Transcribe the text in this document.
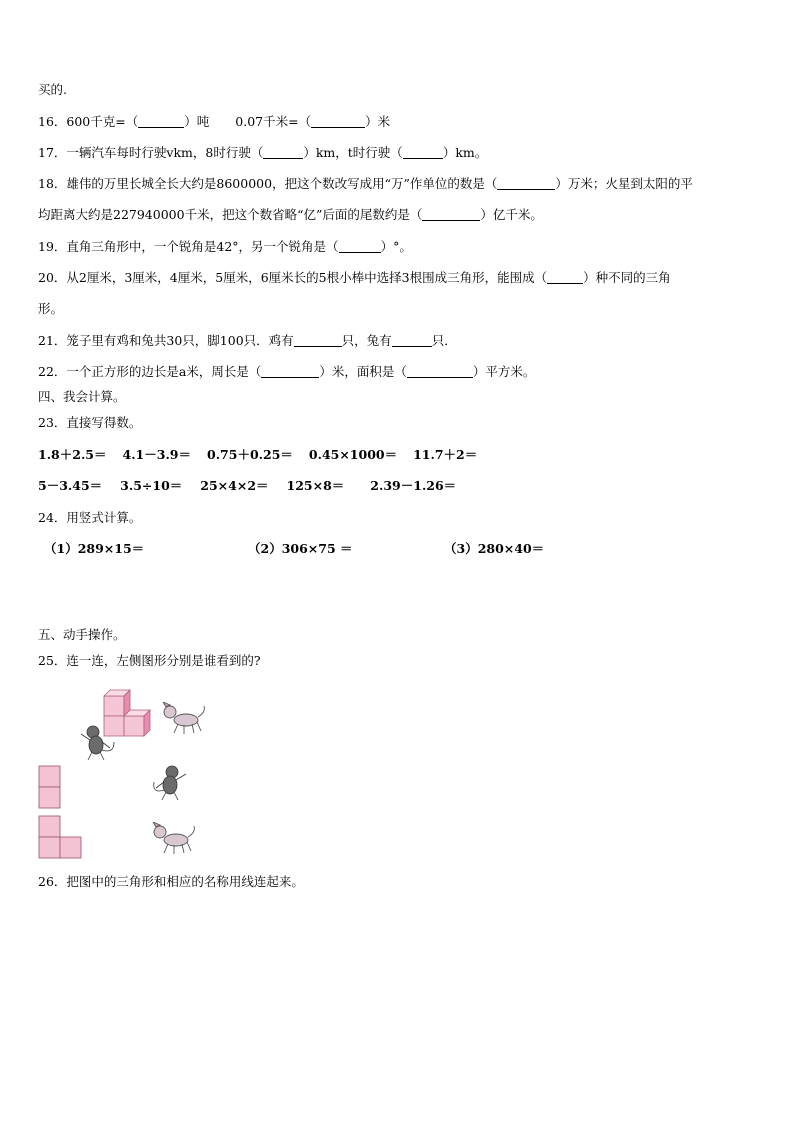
买的.
16．600千克=（	）吨 0.07千米=（	）米
17．一辆汽车每时行驶vkm，8时行驶（	）km，t时行驶（	）km。
18．雄伟的万里长城全长大约是8600000，把这个数改写成用“万”作单位的数是（	）万米；火星到太阳的平
均距离大约是227940000千米，把这个数省略“亿”后面的尾数约是（	）亿千米。
19．直角三角形中，一个锐角是42°，另一个锐角是（	）°。
20．从2厘米，3厘米，4厘米，5厘米，6厘米长的5根小棒中选择3根围成三角形，能围成（	）种不同的三角
形。
21．笼子里有鸡和兔共30只，脚100只．鸡有	只，兔有	只．
22．一个正方形的边长是a米，周长是（	）米，面积是（	）平方米。
四、我会计算。
23．直接写得数。
1.8＋2.5＝ 4.1－3.9＝ 0.75＋0.25＝ 0.45×1000＝ 11.7＋2＝
5－3.45＝ 3.5÷10＝ 25×4×2＝ 125×8＝ 2.39－1.26＝
24．用竖式计算。
（1）289×15＝	（2）306×75 ＝	（3）280×40＝
五、动手操作。
25．连一连，左侧图形分别是谁看到的?
26．把图中的三角形和相应的名称用线连起来。
